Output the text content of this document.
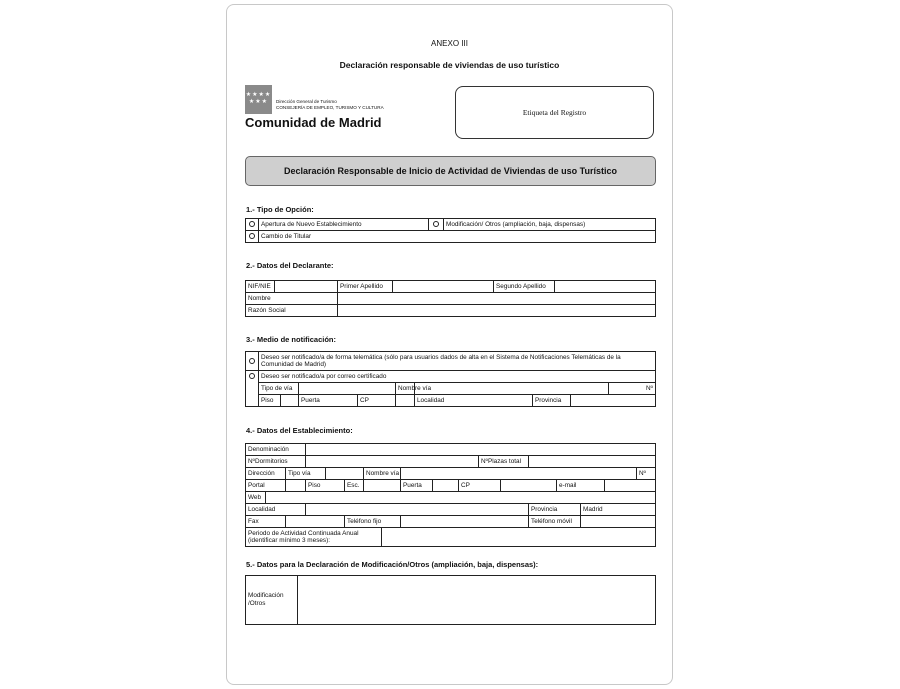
ANEXO III
Declaración responsable de viviendas de uso turístico
★★★★
★★★	Dirección General de Turismo
CONSEJERÍA DE EMPLEO, TURISMO Y CULTURA
Comunidad de Madrid
Etiqueta del Registro
Declaración Responsable de Inicio de Actividad de Viviendas de uso Turístico
1.- Tipo de Opción:
	Apertura de Nuevo Establecimiento		Modificación/ Otros (ampliación, baja, dispensas)
	Cambio de Titular		
2.- Datos del Declarante:
NIF/NIE		Primer Apellido		Segundo Apellido	
Nombre					
Razón Social					
3.- Medio de notificación:
	Deseo ser notificado/a de forma telemática (sólo para usuarios dados de alta en el Sistema de Notificaciones Telemáticas de la Comunidad de Madrid)								
	Deseo ser notificado/a por correo certificado								
	Tipo de vía				Nombre vía				Nº
	Piso		Puerta	CP		Localidad	Provincia		
4.- Datos del Establecimiento:
Denominación																	
NºDormitorios											NºPlazas total						
Dirección		Tipo vía				Nombre vía											Nº
Portal			Piso		Esc.			Puerta		CP				e-mail			
Web																	
Localidad													Provincia		Madrid		
Fax					Teléfono fijo								Teléfono móvil				
Periodo de Actividad Continuada Anual (identificar mínimo 3 meses):																	
5.- Datos para la Declaración de Modificación/Otros (ampliación, baja, dispensas):
Modificación /Otros	
